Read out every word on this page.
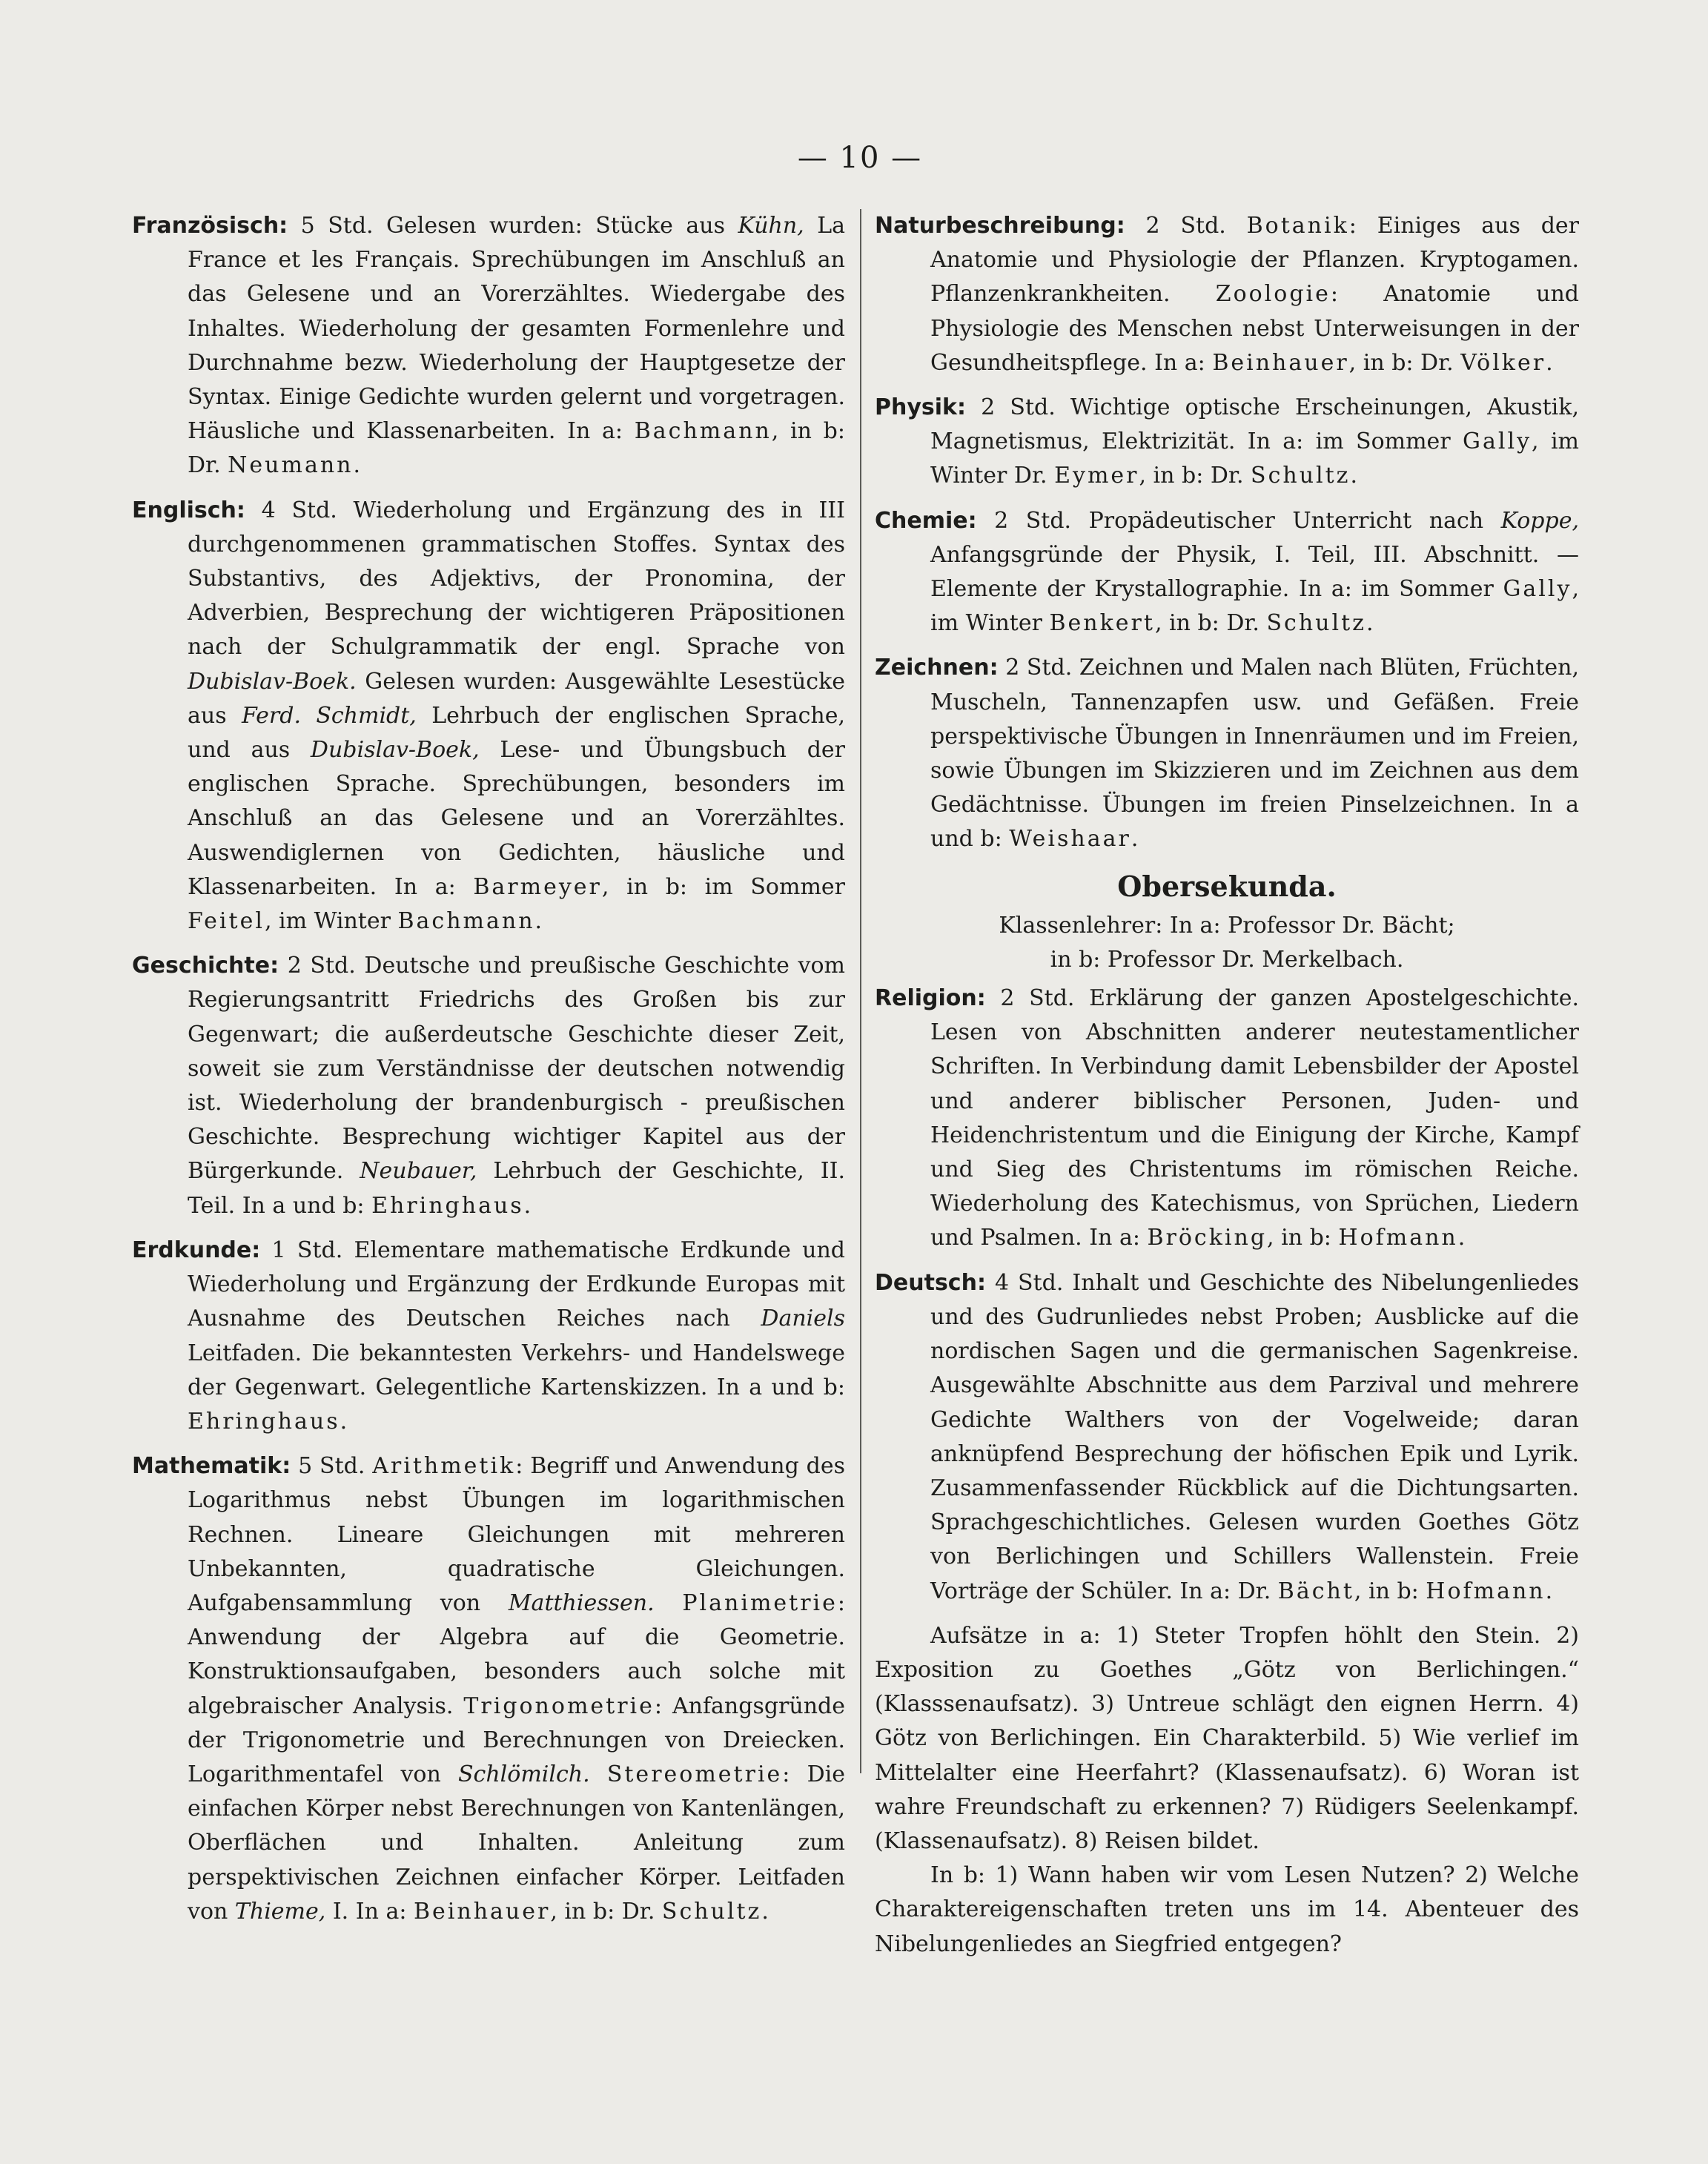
— 10 —

Französisch: 5 Std. Gelesen wurden: Stücke aus Kühn, La France et les Français. Sprechübungen im Anschluß an das Gelesene und an Vorerzähltes. Wiedergabe des Inhaltes. Wiederholung der gesamten Formenlehre und Durchnahme bezw. Wiederholung der Hauptgesetze der Syntax. Einige Gedichte wurden gelernt und vorgetragen. Häusliche und Klassenarbeiten. In a: Bachmann, in b: Dr. Neumann.

Englisch: 4 Std. Wiederholung und Ergänzung des in III durchgenommenen grammatischen Stoffes. Syntax des Substantivs, des Adjektivs, der Pronomina, der Adverbien, Besprechung der wichtigeren Präpositionen nach der Schulgrammatik der engl. Sprache von Dubislav-Boek. Gelesen wurden: Ausgewählte Lesestücke aus Ferd. Schmidt, Lehrbuch der englischen Sprache, und aus Dubislav-Boek, Lese- und Übungsbuch der englischen Sprache. Sprechübungen, besonders im Anschluß an das Gelesene und an Vorerzähltes. Auswendiglernen von Gedichten, häusliche und Klassenarbeiten. In a: Barmeyer, in b: im Sommer Feitel, im Winter Bachmann.

Geschichte: 2 Std. Deutsche und preußische Geschichte vom Regierungsantritt Friedrichs des Großen bis zur Gegenwart; die außerdeutsche Geschichte dieser Zeit, soweit sie zum Verständnisse der deutschen notwendig ist. Wiederholung der brandenburgisch - preußischen Geschichte. Besprechung wichtiger Kapitel aus der Bürgerkunde. Neubauer, Lehrbuch der Geschichte, II. Teil. In a und b: Ehringhaus.

Erdkunde: 1 Std. Elementare mathematische Erdkunde und Wiederholung und Ergänzung der Erdkunde Europas mit Ausnahme des Deutschen Reiches nach Daniels Leitfaden. Die bekanntesten Verkehrs- und Handelswege der Gegenwart. Gelegentliche Kartenskizzen. In a und b: Ehringhaus.

Mathematik: 5 Std. Arithmetik: Begriff und Anwendung des Logarithmus nebst Übungen im logarithmischen Rechnen. Lineare Gleichungen mit mehreren Unbekannten, quadratische Gleichungen. Aufgabensammlung von Matthiessen. Planimetrie: Anwendung der Algebra auf die Geometrie. Konstruktionsaufgaben, besonders auch solche mit algebraischer Analysis. Trigonometrie: Anfangsgründe der Trigonometrie und Berechnungen von Dreiecken. Logarithmentafel von Schlömilch. Stereometrie: Die einfachen Körper nebst Berechnungen von Kantenlängen, Oberflächen und Inhalten. Anleitung zum perspektivischen Zeichnen einfacher Körper. Leitfaden von Thieme, I. In a: Beinhauer, in b: Dr. Schultz.

Naturbeschreibung: 2 Std. Botanik: Einiges aus der Anatomie und Physiologie der Pflanzen. Kryptogamen. Pflanzenkrankheiten. Zoologie: Anatomie und Physiologie des Menschen nebst Unterweisungen in der Gesundheitspflege. In a: Beinhauer, in b: Dr. Völker.

Physik: 2 Std. Wichtige optische Erscheinungen, Akustik, Magnetismus, Elektrizität. In a: im Sommer Gally, im Winter Dr. Eymer, in b: Dr. Schultz.

Chemie: 2 Std. Propädeutischer Unterricht nach Koppe, Anfangsgründe der Physik, I. Teil, III. Abschnitt. — Elemente der Krystallographie. In a: im Sommer Gally, im Winter Benkert, in b: Dr. Schultz.

Zeichnen: 2 Std. Zeichnen und Malen nach Blüten, Früchten, Muscheln, Tannenzapfen usw. und Gefäßen. Freie perspektivische Übungen in Innenräumen und im Freien, sowie Übungen im Skizzieren und im Zeichnen aus dem Gedächtnisse. Übungen im freien Pinselzeichnen. In a und b: Weishaar.

Obersekunda.

Klassenlehrer: In a: Professor Dr. Bächt;

in b: Professor Dr. Merkelbach.

Religion: 2 Std. Erklärung der ganzen Apostelgeschichte. Lesen von Abschnitten anderer neutestamentlicher Schriften. In Verbindung damit Lebensbilder der Apostel und anderer biblischer Personen, Juden- und Heidenchristentum und die Einigung der Kirche, Kampf und Sieg des Christentums im römischen Reiche. Wiederholung des Katechismus, von Sprüchen, Liedern und Psalmen. In a: Bröcking, in b: Hofmann.

Deutsch: 4 Std. Inhalt und Geschichte des Nibelungenliedes und des Gudrunliedes nebst Proben; Ausblicke auf die nordischen Sagen und die germanischen Sagenkreise. Ausgewählte Abschnitte aus dem Parzival und mehrere Gedichte Walthers von der Vogelweide; daran anknüpfend Besprechung der höfischen Epik und Lyrik. Zusammenfassender Rückblick auf die Dichtungsarten. Sprachgeschichtliches. Gelesen wurden Goethes Götz von Berlichingen und Schillers Wallenstein. Freie Vorträge der Schüler. In a: Dr. Bächt, in b: Hofmann.

Aufsätze in a: 1) Steter Tropfen höhlt den Stein. 2) Exposition zu Goethes „Götz von Berlichingen.“ (Klasssenaufsatz). 3) Untreue schlägt den eignen Herrn. 4) Götz von Berlichingen. Ein Charakterbild. 5) Wie verlief im Mittelalter eine Heerfahrt? (Klassenaufsatz). 6) Woran ist wahre Freundschaft zu erkennen? 7) Rüdigers Seelenkampf. (Klassenaufsatz). 8) Reisen bildet.

In b: 1) Wann haben wir vom Lesen Nutzen? 2) Welche Charaktereigenschaften treten uns im 14. Abenteuer des Nibelungenliedes an Siegfried entgegen?
